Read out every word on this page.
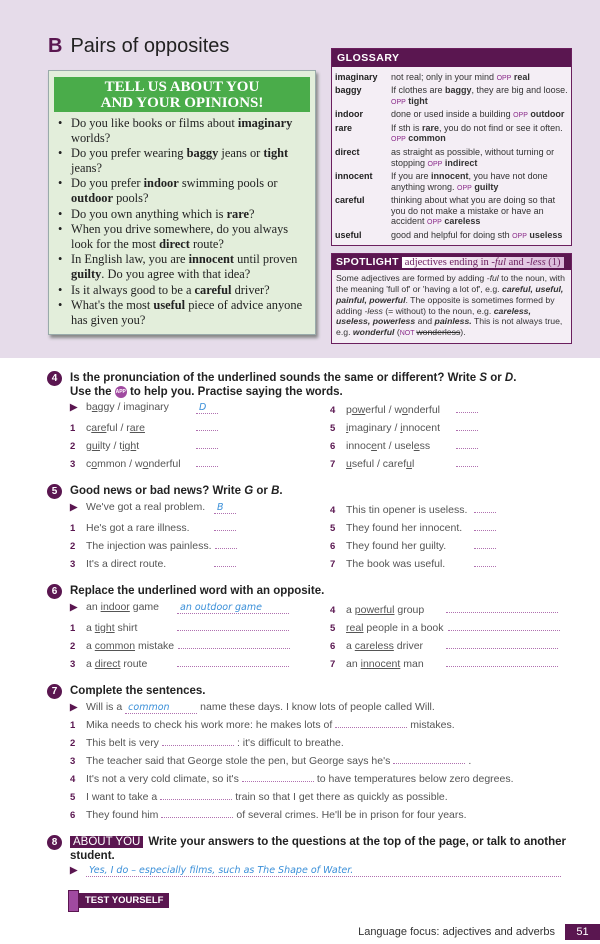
B Pairs of opposites
TELL US ABOUT YOU
AND YOUR OPINIONS!
• Do you like books or films about imaginary worlds?
• Do you prefer wearing baggy jeans or tight jeans?
• Do you prefer indoor swimming pools or outdoor pools?
• Do you own anything which is rare?
• When you drive somewhere, do you always look for the most direct route?
• In English law, you are innocent until proven guilty. Do you agree with that idea?
• Is it always good to be a careful driver?
• What's the most useful piece of advice anyone has given you?
GLOSSARY
imaginary	not real; only in your mind OPP real
baggy	If clothes are baggy, they are big and loose. OPP tight
indoor	done or used inside a building OPP outdoor
rare	If sth is rare, you do not find or see it often. OPP common
direct	as straight as possible, without turning or stopping OPP indirect
innocent	If you are innocent, you have not done anything wrong. OPP guilty
careful	thinking about what you are doing so that you do not make a mistake or have an accident OPP careless
useful	good and helpful for doing sth OPP useless
SPOTLIGHT adjectives ending in -ful and -less (1)
Some adjectives are formed by adding -ful to the noun, with the meaning 'full of' or 'having a lot of', e.g. careful, useful, painful, powerful. The opposite is sometimes formed by adding -less (= without) to the noun, e.g. careless, useless, powerless and painless. This is not always true, e.g. wonderful (NOT wonderless).
4	Is the pronunciation of the underlined sounds the same or different? Write S or D.
Use the APP to help you. Practise saying the words.
▶ baggy / imaginary	D
1	careful / rare
2	guilty / tight
3	common / wonderful
4	powerful / wonderful
5	imaginary / innocent
6	innocent / useless
7	useful / careful
5	Good news or bad news? Write G or B.
▶ We've got a real problem.	B
1	He's got a rare illness.
2	The injection was painless.
3	It's a direct route.
4	This tin opener is useless.
5	They found her innocent.
6	They found her guilty.
7	The book was useful.
6	Replace the underlined word with an opposite.
▶ an indoor game	an outdoor game
1	a tight shirt
2	a common mistake
3	a direct route
4	a powerful group
5	real people in a book
6	a careless driver
7	an innocent man
7	Complete the sentences.
▶ Will is a common	name these days. I know lots of people called Will.
1	Mika needs to check his work more: he makes lots of	mistakes.
2	This belt is very	: it's difficult to breathe.
3	The teacher said that George stole the pen, but George says he's	.
4	It's not a very cold climate, so it's	to have temperatures below zero degrees.
5	I want to take a	train so that I get there as quickly as possible.
6	They found him	of several crimes. He'll be in prison for four years.
8	ABOUT YOU Write your answers to the questions at the top of the page, or talk to another student.
▶	Yes, I do – especially films, such as The Shape of Water.
TEST YOURSELF
Language focus: adjectives and adverbs	51
